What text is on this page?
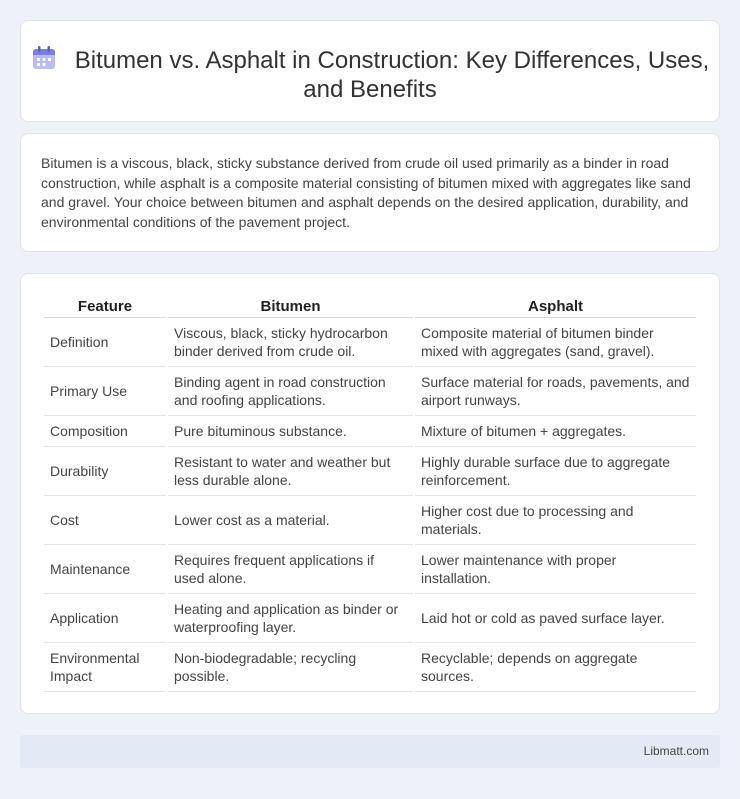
Bitumen vs. Asphalt in Construction: Key Differences, Uses, and Benefits

Bitumen is a viscous, black, sticky substance derived from crude oil used primarily as a binder in road construction, while asphalt is a composite material consisting of bitumen mixed with aggregates like sand and gravel. Your choice between bitumen and asphalt depends on the desired application, durability, and environmental conditions of the pavement project.

Feature	Bitumen	Asphalt
Definition	Viscous, black, sticky hydrocarbon binder derived from crude oil.	Composite material of bitumen binder mixed with aggregates (sand, gravel).
Primary Use	Binding agent in road construction and roofing applications.	Surface material for roads, pavements, and airport runways.
Composition	Pure bituminous substance.	Mixture of bitumen + aggregates.
Durability	Resistant to water and weather but less durable alone.	Highly durable surface due to aggregate reinforcement.
Cost	Lower cost as a material.	Higher cost due to processing and materials.
Maintenance	Requires frequent applications if used alone.	Lower maintenance with proper installation.
Application	Heating and application as binder or waterproofing layer.	Laid hot or cold as paved surface layer.
Environmental Impact	Non-biodegradable; recycling possible.	Recyclable; depends on aggregate sources.
Libmatt.com
